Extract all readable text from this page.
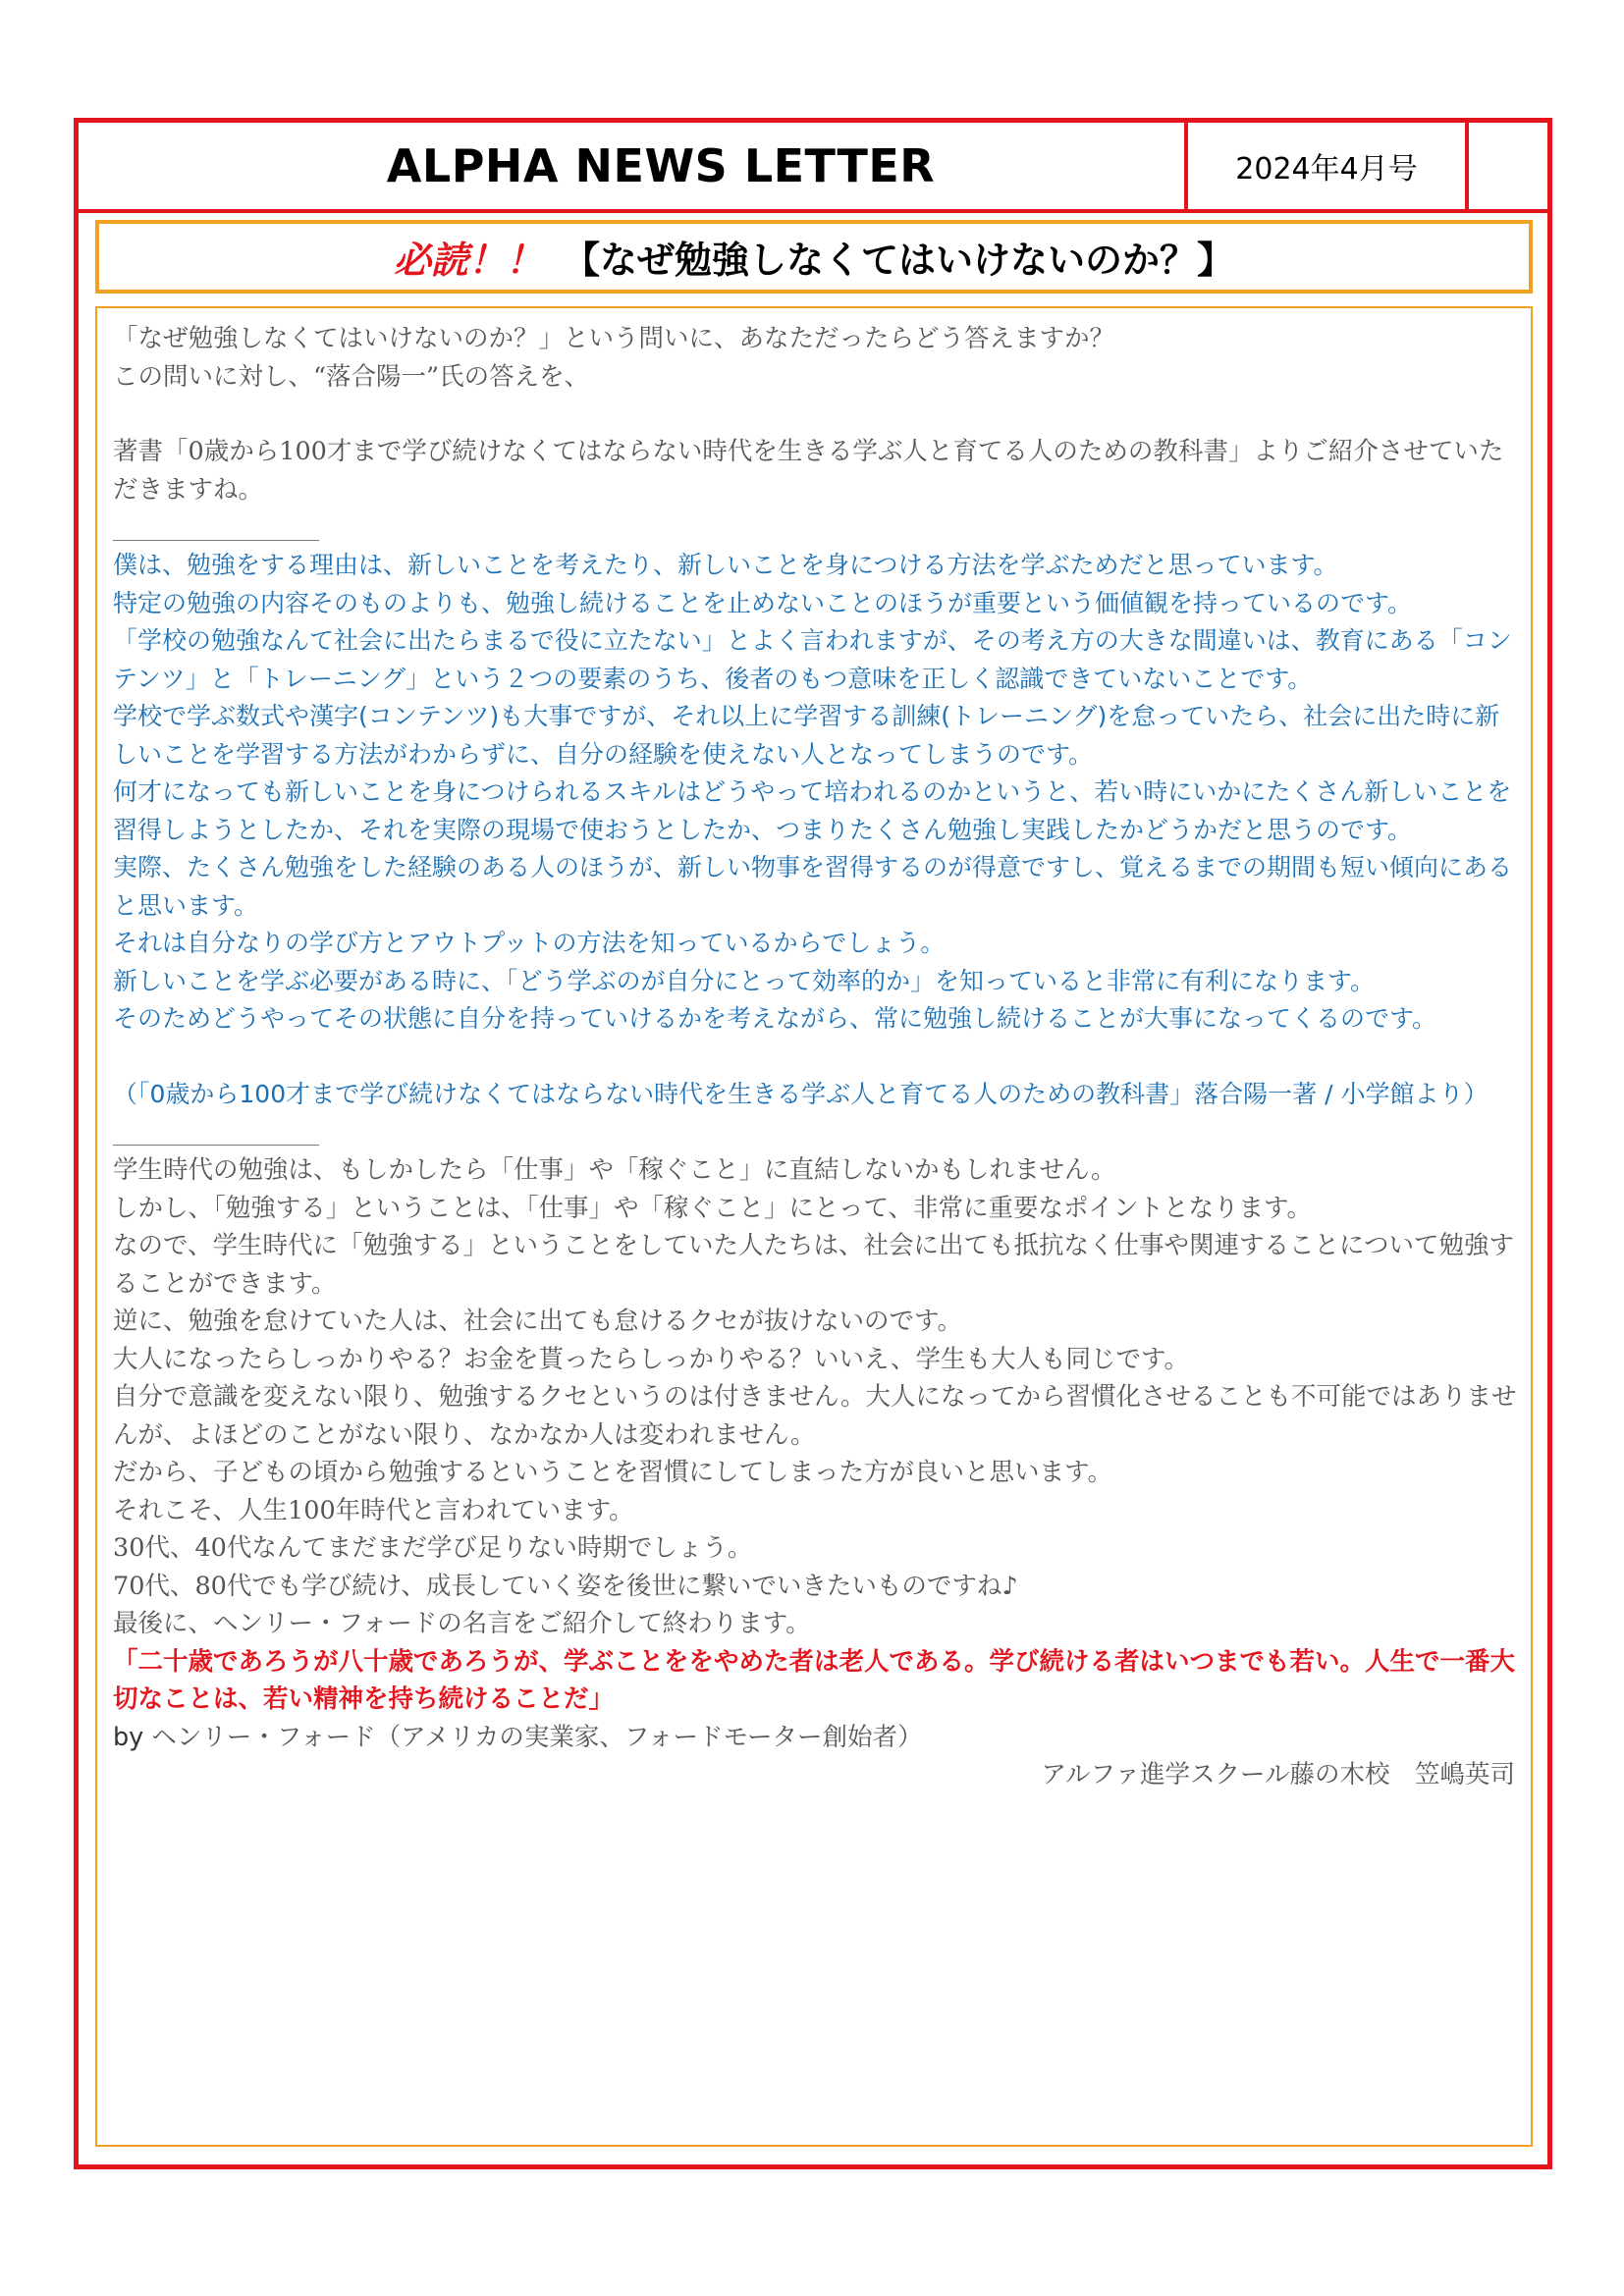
ALPHA NEWS LETTER	2024年4月号
必読！！ 【なぜ勉強しなくてはいけないのか？】

「なぜ勉強しなくてはいけないのか？」という問いに、あなただったらどう答えますか？

この問いに対し、“落合陽一”氏の答えを、

著書「0歳から100才まで学び続けなくてはならない時代を生きる学ぶ人と育てる人のための教科書」よりご紹介させていただきますね。

僕は、勉強をする理由は、新しいことを考えたり、新しいことを身につける方法を学ぶためだと思っています。

特定の勉強の内容そのものよりも、勉強し続けることを止めないことのほうが重要という価値観を持っているのです。

「学校の勉強なんて社会に出たらまるで役に立たない」とよく言われますが、その考え方の大きな間違いは、教育にある「コンテンツ」と「トレーニング」という２つの要素のうち、後者のもつ意味を正しく認識できていないことです。

学校で学ぶ数式や漢字(コンテンツ)も大事ですが、それ以上に学習する訓練(トレーニング)を怠っていたら、社会に出た時に新しいことを学習する方法がわからずに、自分の経験を使えない人となってしまうのです。

何才になっても新しいことを身につけられるスキルはどうやって培われるのかというと、若い時にいかにたくさん新しいことを習得しようとしたか、それを実際の現場で使おうとしたか、つまりたくさん勉強し実践したかどうかだと思うのです。

実際、たくさん勉強をした経験のある人のほうが、新しい物事を習得するのが得意ですし、覚えるまでの期間も短い傾向にあると思います。

それは自分なりの学び方とアウトプットの方法を知っているからでしょう。

新しいことを学ぶ必要がある時に、「どう学ぶのが自分にとって効率的か」を知っていると非常に有利になります。

そのためどうやってその状態に自分を持っていけるかを考えながら、常に勉強し続けることが大事になってくるのです。

（「0歳から100才まで学び続けなくてはならない時代を生きる学ぶ人と育てる人のための教科書」落合陽一著 / 小学館より）

学生時代の勉強は、もしかしたら「仕事」や「稼ぐこと」に直結しないかもしれません。

しかし、「勉強する」ということは、「仕事」や「稼ぐこと」にとって、非常に重要なポイントとなります。

なので、学生時代に「勉強する」ということをしていた人たちは、社会に出ても抵抗なく仕事や関連することについて勉強することができます。

逆に、勉強を怠けていた人は、社会に出ても怠けるクセが抜けないのです。

大人になったらしっかりやる？お金を貰ったらしっかりやる？いいえ、学生も大人も同じです。

自分で意識を変えない限り、勉強するクセというのは付きません。大人になってから習慣化させることも不可能ではありませんが、よほどのことがない限り、なかなか人は変われません。

だから、子どもの頃から勉強するということを習慣にしてしまった方が良いと思います。

それこそ、人生100年時代と言われています。

30代、40代なんてまだまだ学び足りない時期でしょう。

70代、80代でも学び続け、成長していく姿を後世に繋いでいきたいものですね♪

最後に、ヘンリー・フォードの名言をご紹介して終わります。

「二十歳であろうが八十歳であろうが、学ぶことををやめた者は老人である。学び続ける者はいつまでも若い。人生で一番大切なことは、若い精神を持ち続けることだ」

by ヘンリー・フォード（アメリカの実業家、フォードモーター創始者）

アルファ進学スクール藤の木校　笠嶋英司
